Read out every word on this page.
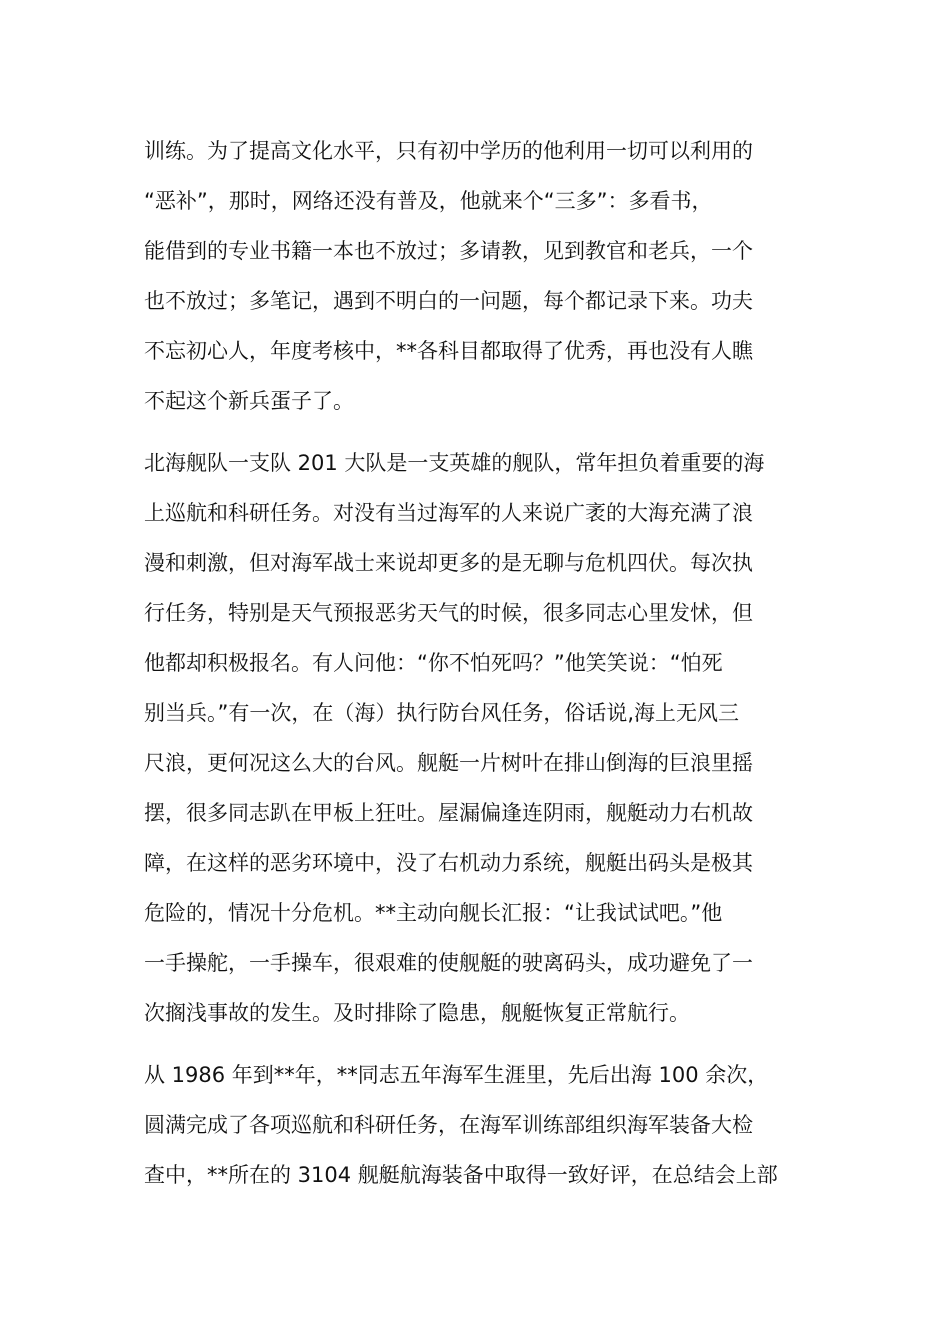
训练。为了提高文化水平，只有初中学历的他利用一切可以利用的
“恶补”，那时，网络还没有普及，他就来个“三多”：多看书，
能借到的专业书籍一本也不放过；多请教，见到教官和老兵，一个
也不放过；多笔记，遇到不明白的一问题，每个都记录下来。功夫
不忘初心人，年度考核中，**各科目都取得了优秀，再也没有人瞧
不起这个新兵蛋子了。
北海舰队一支队 201 大队是一支英雄的舰队，常年担负着重要的海
上巡航和科研任务。对没有当过海军的人来说广袤的大海充满了浪
漫和刺激，但对海军战士来说却更多的是无聊与危机四伏。每次执
行任务，特别是天气预报恶劣天气的时候，很多同志心里发怵，但
他都却积极报名。有人问他：“你不怕死吗？”他笑笑说：“怕死
别当兵。”有一次，在（海）执行防台风任务，俗话说,海上无风三
尺浪，更何况这么大的台风。舰艇一片树叶在排山倒海的巨浪里摇
摆，很多同志趴在甲板上狂吐。屋漏偏逢连阴雨，舰艇动力右机故
障，在这样的恶劣环境中，没了右机动力系统，舰艇出码头是极其
危险的，情况十分危机。**主动向舰长汇报：“让我试试吧。”他
一手操舵，一手操车，很艰难的使舰艇的驶离码头，成功避免了一
次搁浅事故的发生。及时排除了隐患，舰艇恢复正常航行。
从 1986 年到**年，**同志五年海军生涯里，先后出海 100 余次，
圆满完成了各项巡航和科研任务，在海军训练部组织海军装备大检
查中，**所在的 3104 舰艇航海装备中取得一致好评，在总结会上部
